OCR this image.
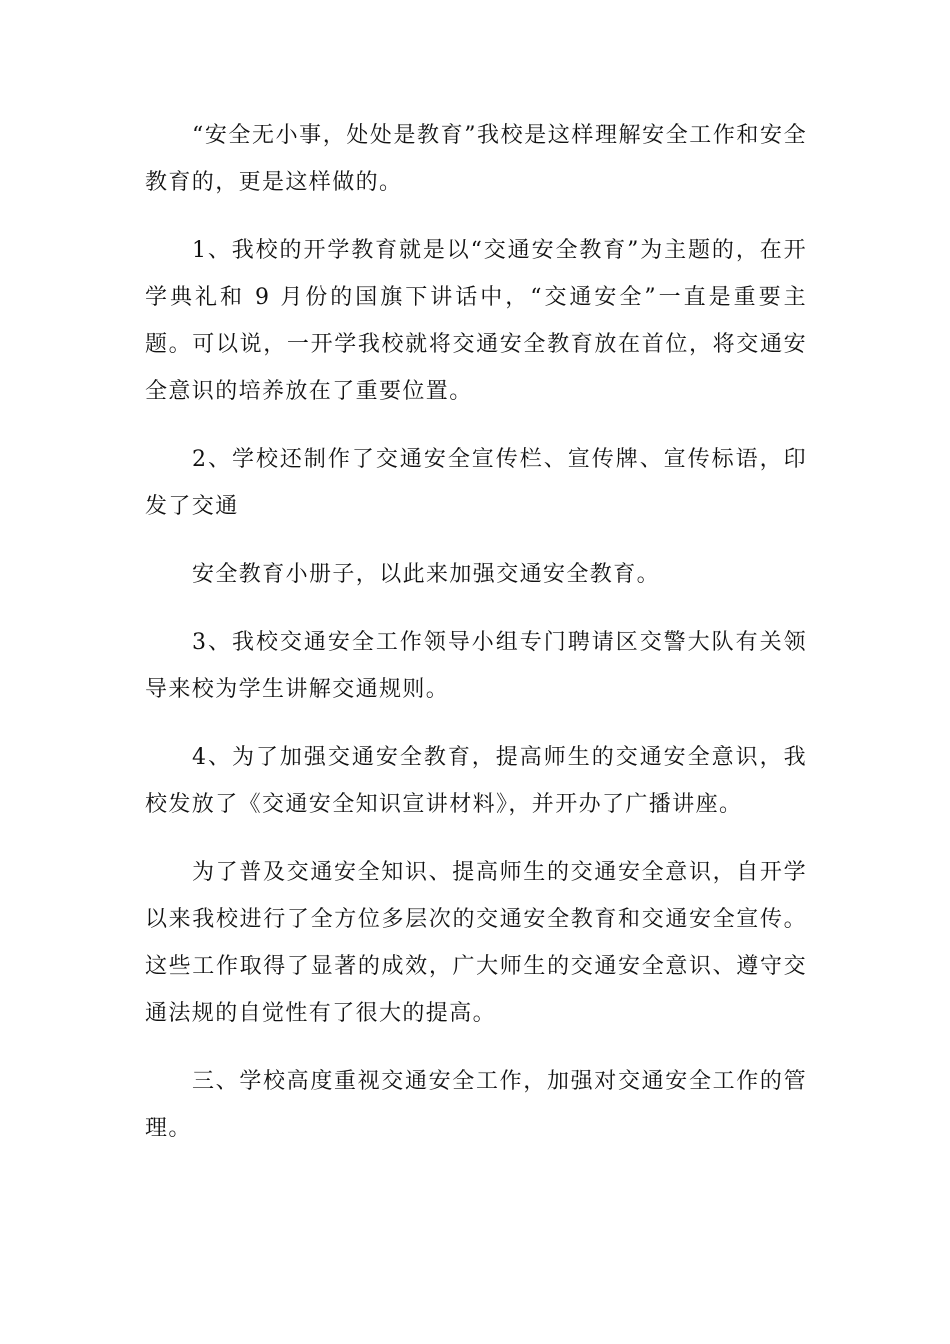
“安全无小事，处处是教育”我校是这样理解安全工作和安全教育的，更是这样做的。

1、我校的开学教育就是以“交通安全教育”为主题的，在开学典礼和 9 月份的国旗下讲话中，“交通安全”一直是重要主题。可以说，一开学我校就将交通安全教育放在首位，将交通安全意识的培养放在了重要位置。

2、学校还制作了交通安全宣传栏、宣传牌、宣传标语，印发了交通

安全教育小册子，以此来加强交通安全教育。

3、我校交通安全工作领导小组专门聘请区交警大队有关领导来校为学生讲解交通规则。

4、为了加强交通安全教育，提高师生的交通安全意识，我校发放了《交通安全知识宣讲材料》，并开办了广播讲座。

为了普及交通安全知识、提高师生的交通安全意识，自开学以来我校进行了全方位多层次的交通安全教育和交通安全宣传。这些工作取得了显著的成效，广大师生的交通安全意识、遵守交通法规的自觉性有了很大的提高。

三、学校高度重视交通安全工作，加强对交通安全工作的管理。
